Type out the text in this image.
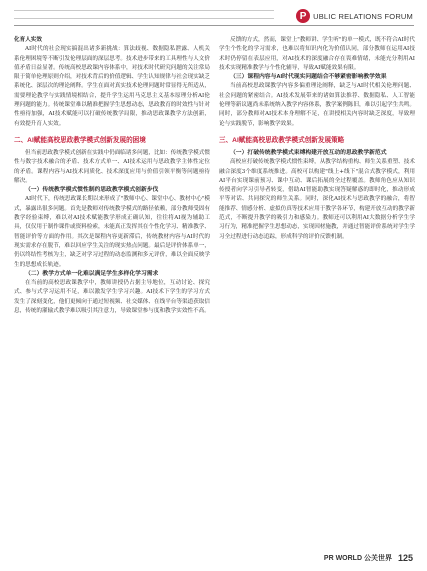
P UBLIC RELATIONS FORUM

化育人实效

AI时代的社会现实搞混出诸多新挑战：算法歧视、数据隐私泄露、人机关系伦理困境等不断引发伦理层面的深层思考。技术进步带来的工具理性与人文价值矛盾日益显著。传统高校思政课内容体系中，对技术时代研究问题的关注常局限于简单伦理原则介绍，对技术背后的价值逻辑、学生认知规律与社会现实缺乏系统化、深层次的理论阐释。学生在面对真实技术伦理问题时常显得无所适从，需要理论教学与实践情境相结合，提升学生运用马克思主义基本原理分析AI伦理问题的能力。传统课堂难以精准把握学生思想动态，思政教育的时效性与针对性亟待加强，AI技术赋能可以打破传统教学局限，推动思政课教学方法创新，有效提升育人实效。

二、AI赋能高校思政教学模式创新发展的困境

但当前思政教学模式创新在实践中仍面临诸多问题，比如：传统教学模式惯性与数字技术融合的矛盾、技术方式单一、AI技术运用与思政教学主体性定位的矛盾。课程内容与AI技术同质化、技术深度应用与价值引领平衡等问题亟待解决。

（一）传统教学模式惯性制约思政教学模式创新步伐

AI时代下，传统思政课长期以来形成了"教师中心、课堂中心、教材中心"模式，暴露出很多问题。首先是教师对传统教学模式的路径依赖，部分教师受固有教学经验束缚，难以对AI技术赋能教学形成正确认知，往往将AI视为辅助工具，仅仅用于制作课件或资料检索，未能真正发挥其在个性化学习、精准教学、智能评价等方面的作用。其次是课程内容更新滞后，传统教材内容与AI时代的现实需求存在脱节，难以回应学生关注的现实热点问题。最后是评价体系单一，仍以终结性考核为主，缺乏对学习过程的动态监测和多元评价，难以全面反映学生的思想成长轨迹。

（二）教学方式单一化难以满足学生多样化学习需求

在当前的高校思政课教学中，教师讲授仍占据主导地位，互动讨论、探究式、参与式学习运用不足，难以激发学生学习兴趣。AI技术下学生的学习方式发生了深刻变化，他们更倾向于通过短视频、社交媒体、在线平台等渠道获取信息，传统的灌输式教学难以吸引其注意力，导致课堂参与度和教学实效性不高。

反馈的方式，然而，课堂上"教师讲、学生听"的单一模式，既不符合AI时代学生个性化的学习需求，也难以将知识内化为价值认同，部分教师在运用AI技术时仍停留在表层应用，对AI技术的深度融合存在畏难情绪，未能充分利用AI技术实现精准教学与个性化辅导，导致AI赋能效果有限。

（三）课程内容与AI时代现实问题结合不够紧密影响教学效果

当前高校思政课教学内容多偏重理论阐释，缺乏与AI时代相关伦理问题、社会问题的紧密结合。AI技术发展带来的诸如算法推荐、数据隐私、人工智能伦理等新议题尚未系统纳入教学内容体系，教学案例陈旧，难以引起学生共鸣。同时，部分教师对AI技术本身理解不足，在讲授相关内容时缺乏深度，导致理论与实践脱节，影响教学效果。

三、AI赋能高校思政教学模式创新发展策略

（一）打破传统教学模式束缚构建开放互动的思政教学新范式

高校应打破传统教学模式惯性束缚，从教学结构重构、师生关系重塑、技术融合深度3个维度系统推进。高校可以构建"线上+线下"混合式教学模式，利用AI平台实现课前预习、课中互动、课后拓展的全过程覆盖。教师角色应从知识传授者向学习引导者转变，借助AI智能助教实现答疑解惑的即时化，推动形成平等对话、共同探究的师生关系。同时，深化AI技术与思政教学的融合，将智能推荐、情感分析、虚拟仿真等技术应用于教学各环节，构建开放互动的教学新范式，不断提升教学的吸引力和感染力。教师还可以利用AI大数据分析学生学习行为，精准把握学生思想动态，实现因材施教，并通过智能评价系统对学生学习全过程进行动态追踪，形成科学的评价反馈机制。

PR WORLD 公关世界 125
